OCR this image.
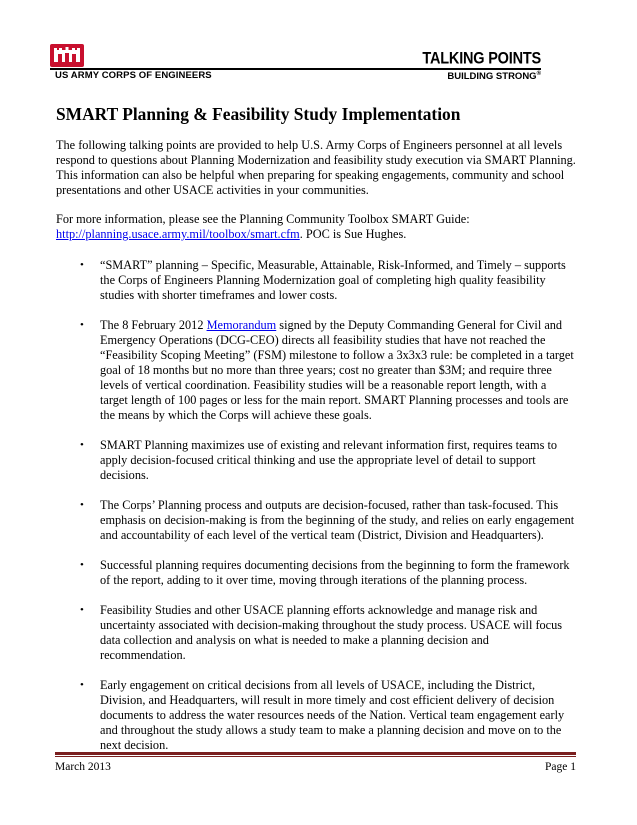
US ARMY CORPS OF ENGINEERS
TALKING POINTS
BUILDING STRONG®
SMART Planning & Feasibility Study Implementation

The following talking points are provided to help U.S. Army Corps of Engineers personnel at all levels respond to questions about Planning Modernization and feasibility study execution via SMART Planning. This information can also be helpful when preparing for speaking engagements, community and school presentations and other USACE activities in your communities.

For more information, please see the Planning Community Toolbox SMART Guide:
http://planning.usace.army.mil/toolbox/smart.cfm. POC is Sue Hughes.

• “SMART” planning – Specific, Measurable, Attainable, Risk-Informed, and Timely – supports the Corps of Engineers Planning Modernization goal of completing high quality feasibility studies with shorter timeframes and lower costs.
• The 8 February 2012 Memorandum signed by the Deputy Commanding General for Civil and Emergency Operations (DCG-CEO) directs all feasibility studies that have not reached the “Feasibility Scoping Meeting” (FSM) milestone to follow a 3x3x3 rule: be completed in a target goal of 18 months but no more than three years; cost no greater than $3M; and require three levels of vertical coordination. Feasibility studies will be a reasonable report length, with a target length of 100 pages or less for the main report. SMART Planning processes and tools are the means by which the Corps will achieve these goals.
• SMART Planning maximizes use of existing and relevant information first, requires teams to apply decision-focused critical thinking and use the appropriate level of detail to support decisions.
• The Corps’ Planning process and outputs are decision-focused, rather than task-focused. This emphasis on decision-making is from the beginning of the study, and relies on early engagement and accountability of each level of the vertical team (District, Division and Headquarters).
• Successful planning requires documenting decisions from the beginning to form the framework of the report, adding to it over time, moving through iterations of the planning process.
• Feasibility Studies and other USACE planning efforts acknowledge and manage risk and uncertainty associated with decision-making throughout the study process. USACE will focus data collection and analysis on what is needed to make a planning decision and recommendation.
• Early engagement on critical decisions from all levels of USACE, including the District, Division, and Headquarters, will result in more timely and cost efficient delivery of decision documents to address the water resources needs of the Nation. Vertical team engagement early and throughout the study allows a study team to make a planning decision and move on to the next decision.
March 2013	Page 1
